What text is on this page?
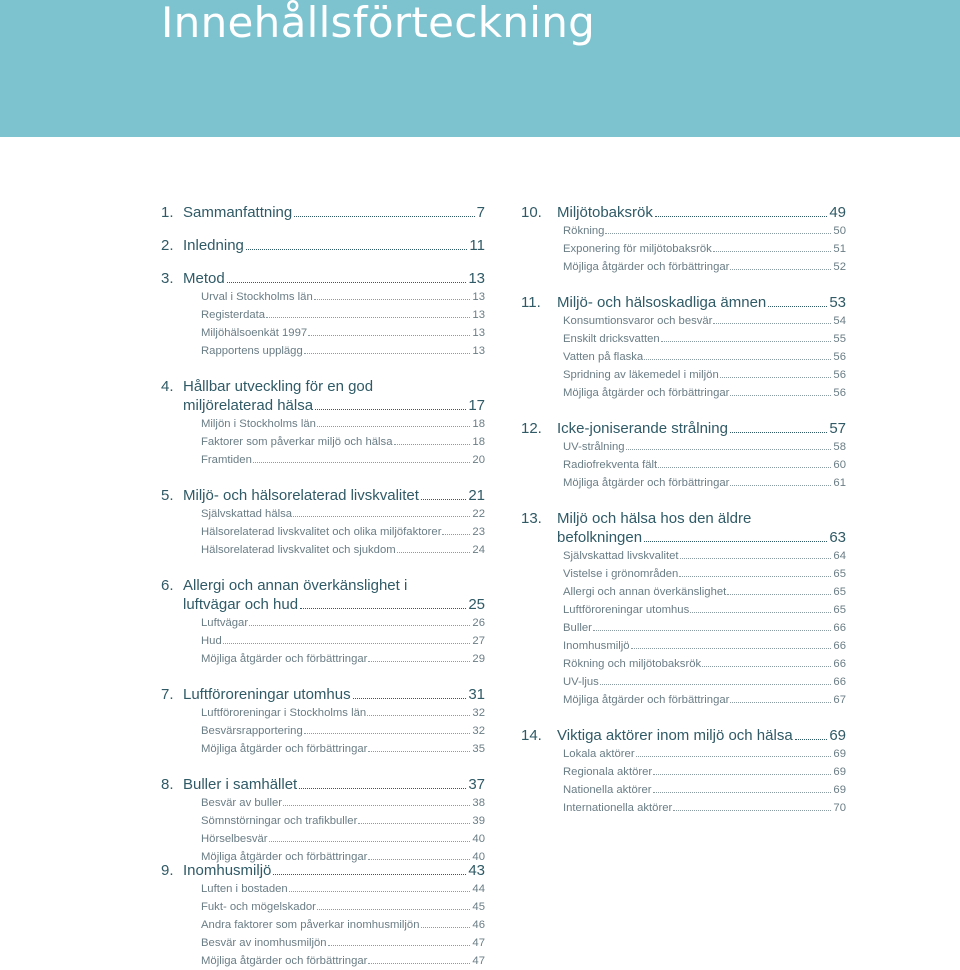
Innehållsförteckning
1. Sammanfattning	7
2. Inledning	11
3. Metod	13
Urval i Stockholms län	13
Registerdata	13
Miljöhälsoenkät 1997	13
Rapportens upplägg	13
4. Hållbar utveckling för en god
miljörelaterad hälsa	17
Miljön i Stockholms län	18
Faktorer som påverkar miljö och hälsa	18
Framtiden	20
5. Miljö- och hälsorelaterad livskvalitet	21
Självskattad hälsa	22
Hälsorelaterad livskvalitet och olika miljöfaktorer	23
Hälsorelaterad livskvalitet och sjukdom	24
6. Allergi och annan överkänslighet i
luftvägar och hud	25
Luftvägar	26
Hud	27
Möjliga åtgärder och förbättringar	29
7. Luftföroreningar utomhus	31
Luftföroreningar i Stockholms län	32
Besvärsrapportering	32
Möjliga åtgärder och förbättringar	35
8. Buller i samhället	37
Besvär av buller	38
Sömnstörningar och trafikbuller	39
Hörselbesvär	40
Möjliga åtgärder och förbättringar	40
9. Inomhusmiljö	43
Luften i bostaden	44
Fukt- och mögelskador	45
Andra faktorer som påverkar inomhusmiljön	46
Besvär av inomhusmiljön	47
Möjliga åtgärder och förbättringar	47
10.	Miljötobaksrök	49
Rökning	50
Exponering för miljötobaksrök	51
Möjliga åtgärder och förbättringar	52
11.	Miljö- och hälsoskadliga ämnen	53
Konsumtionsvaror och besvär	54
Enskilt dricksvatten	55
Vatten på flaska	56
Spridning av läkemedel i miljön	56
Möjliga åtgärder och förbättringar	56
12.	Icke-joniserande strålning	57
UV-strålning	58
Radiofrekventa fält	60
Möjliga åtgärder och förbättringar	61
13.	Miljö och hälsa hos den äldre
befolkningen	63
Självskattad livskvalitet	64
Vistelse i grönområden	65
Allergi och annan överkänslighet	65
Luftföroreningar utomhus	65
Buller	66
Inomhusmiljö	66
Rökning och miljötobaksrök	66
UV-ljus	66
Möjliga åtgärder och förbättringar	67
14.	Viktiga aktörer inom miljö och hälsa 69
Lokala aktörer	69
Regionala aktörer	69
Nationella aktörer	69
Internationella aktörer	70
